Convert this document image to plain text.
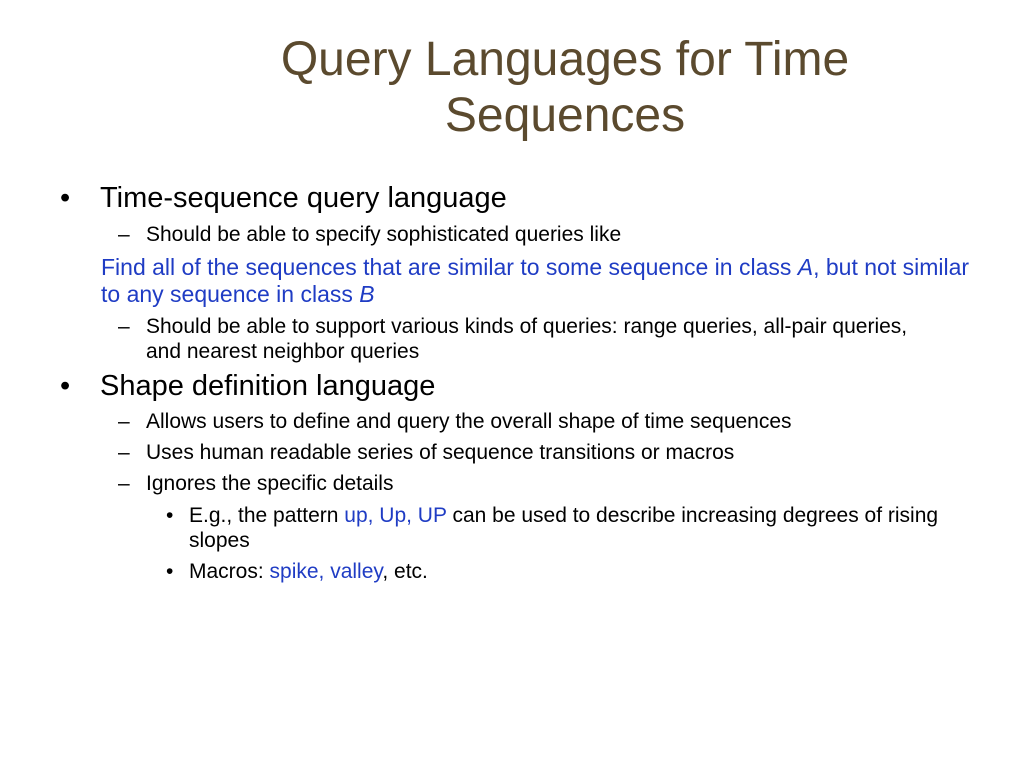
Query Languages for Time
Sequences
• Time-sequence query language
– Should be able to specify sophisticated queries like
Find all of the sequences that are similar to some sequence in class A, but not similar to any sequence in class B
– Should be able to support various kinds of queries: range queries, all-pair queries, and nearest neighbor queries
• Shape definition language
– Allows users to define and query the overall shape of time sequences
– Uses human readable series of sequence transitions or macros
– Ignores the specific details
• E.g., the pattern up, Up, UP can be used to describe increasing degrees of rising slopes
• Macros: spike, valley, etc.
